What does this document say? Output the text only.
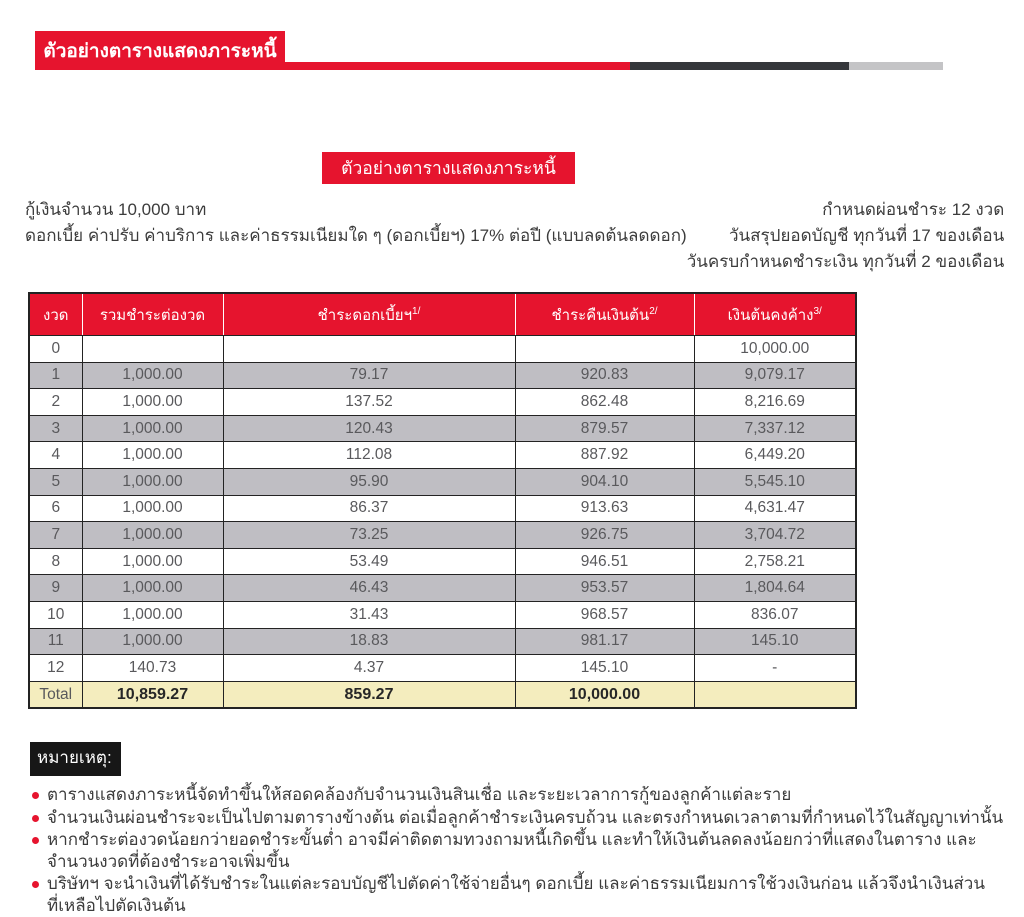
ตัวอย่างตารางแสดงภาระหนี้
ตัวอย่างตารางแสดงภาระหนี้
กู้เงินจำนวน 10,000 บาท
ดอกเบี้ย ค่าปรับ ค่าบริการ และค่าธรรมเนียมใด ๆ (ดอกเบี้ยฯ) 17% ต่อปี (แบบลดต้นลดดอก)
กำหนดผ่อนชำระ 12 งวด
วันสรุปยอดบัญชี ทุกวันที่ 17 ของเดือน
วันครบกำหนดชำระเงิน ทุกวันที่ 2 ของเดือน
งวด	รวมชำระต่องวด	ชำระดอกเบี้ยฯ$^{1/}$	ชำระคืนเงินต้น$^{2/}$	เงินต้นคงค้าง$^{3/}$
0				10,000.00
1	1,000.00	79.17	920.83	9,079.17
2	1,000.00	137.52	862.48	8,216.69
3	1,000.00	120.43	879.57	7,337.12
4	1,000.00	112.08	887.92	6,449.20
5	1,000.00	95.90	904.10	5,545.10
6	1,000.00	86.37	913.63	4,631.47
7	1,000.00	73.25	926.75	3,704.72
8	1,000.00	53.49	946.51	2,758.21
9	1,000.00	46.43	953.57	1,804.64
10	1,000.00	31.43	968.57	836.07
11	1,000.00	18.83	981.17	145.10
12	140.73	4.37	145.10	-
Total	10,859.27	859.27	10,000.00	
หมายเหตุ:
ตารางแสดงภาระหนี้จัดทำขึ้นให้สอดคล้องกับจำนวนเงินสินเชื่อ และระยะเวลาการกู้ของลูกค้าแต่ละราย
จำนวนเงินผ่อนชำระจะเป็นไปตามตารางข้างต้น ต่อเมื่อลูกค้าชำระเงินครบถ้วน และตรงกำหนดเวลาตามที่กำหนดไว้ในสัญญาเท่านั้น
หากชำระต่องวดน้อยกว่ายอดชำระขั้นต่ำ อาจมีค่าติดตามทวงถามหนี้เกิดขึ้น และทำให้เงินต้นลดลงน้อยกว่าที่แสดงในตาราง และ
จำนวนงวดที่ต้องชำระอาจเพิ่มขึ้น
บริษัทฯ จะนำเงินที่ได้รับชำระในแต่ละรอบบัญชีไปตัดค่าใช้จ่ายอื่นๆ ดอกเบี้ย และค่าธรรมเนียมการใช้วงเงินก่อน แล้วจึงนำเงินส่วน
ที่เหลือไปตัดเงินต้น
